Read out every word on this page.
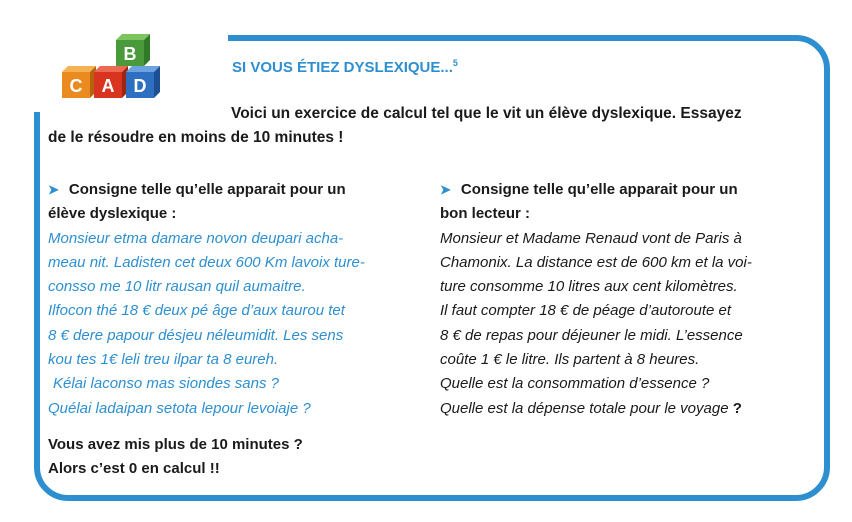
B
C A D
SI VOUS ÉTIEZ DYSLEXIQUE...$^5$
Voici un exercice de calcul tel que le vit un élève dyslexique. Essayez
de le résoudre en moins de 10 minutes !
➤ Consigne telle qu’elle apparait pour un
élève dyslexique :
Monsieur etma damare novon deupari acha-
meau nit. Ladisten cet deux 600 Km lavoix ture-
consso me 10 litr rausan quil aumaitre.
Ilfocon thé 18 € deux pé âge d’aux taurou tet
8 € dere papour désjeu néleumidit. Les sens
kou tes 1€ leli treu ilpar ta 8 eureh.
Kélai laconso mas siondes sans ?
Quélai ladaipan setota lepour levoiaje ?
➤ Consigne telle qu’elle apparait pour un
bon lecteur :
Monsieur et Madame Renaud vont de Paris à
Chamonix. La distance est de 600 km et la voi-
ture consomme 10 litres aux cent kilomètres.
Il faut compter 18 € de péage d’autoroute et
8 € de repas pour déjeuner le midi. L’essence
coûte 1 € le litre. Ils partent à 8 heures.
Quelle est la consommation d’essence ?
Quelle est la dépense totale pour le voyage ?
Vous avez mis plus de 10 minutes ?
Alors c’est 0 en calcul !!
